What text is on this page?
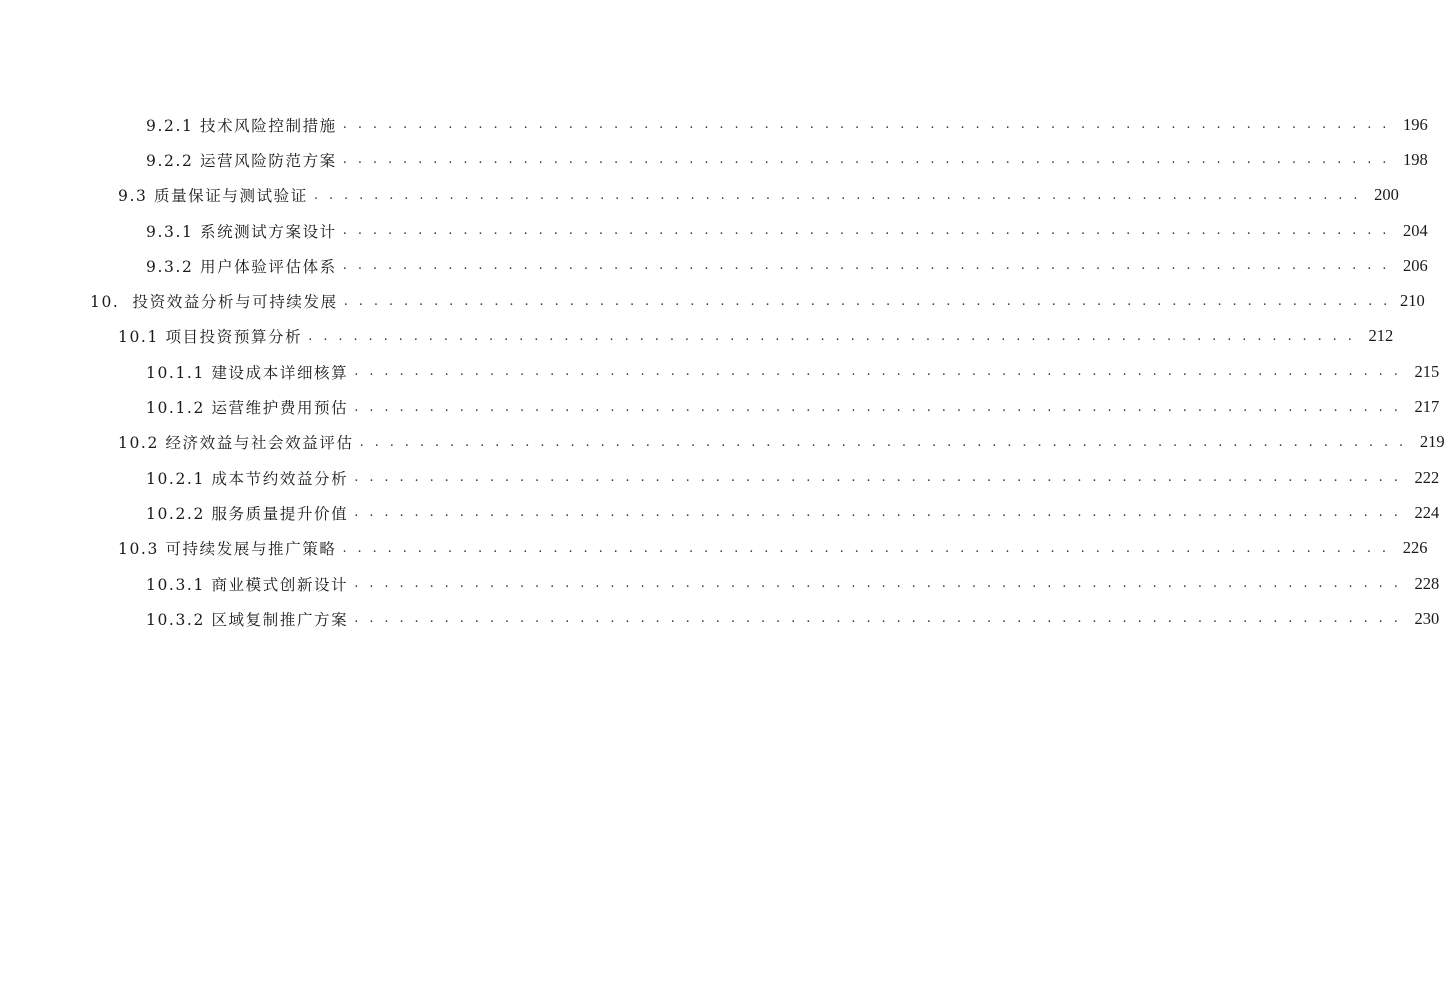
9.2.1 技术风险控制措施 . . . . . . . . . . . . . . . . . . . . . . . . . . . . . . . . . . . . . . . . . . . . . . . . . . . . . . . . . . . . . . . . . . . . . . 196
9.2.2 运营风险防范方案 . . . . . . . . . . . . . . . . . . . . . . . . . . . . . . . . . . . . . . . . . . . . . . . . . . . . . . . . . . . . . . . . . . . . . . 198
9.3 质量保证与测试验证 . . . . . . . . . . . . . . . . . . . . . . . . . . . . . . . . . . . . . . . . . . . . . . . . . . . . . . . . . . . . . . . . . . . . . . 200
9.3.1 系统测试方案设计 . . . . . . . . . . . . . . . . . . . . . . . . . . . . . . . . . . . . . . . . . . . . . . . . . . . . . . . . . . . . . . . . . . . . . . 204
9.3.2 用户体验评估体系 . . . . . . . . . . . . . . . . . . . . . . . . . . . . . . . . . . . . . . . . . . . . . . . . . . . . . . . . . . . . . . . . . . . . . . 206
10. 投资效益分析与可持续发展 . . . . . . . . . . . . . . . . . . . . . . . . . . . . . . . . . . . . . . . . . . . . . . . . . . . . . . . . . . . . . . . . . . . . . . 210
10.1 项目投资预算分析 . . . . . . . . . . . . . . . . . . . . . . . . . . . . . . . . . . . . . . . . . . . . . . . . . . . . . . . . . . . . . . . . . . . . . . 212
10.1.1 建设成本详细核算 . . . . . . . . . . . . . . . . . . . . . . . . . . . . . . . . . . . . . . . . . . . . . . . . . . . . . . . . . . . . . . . . . . . . . . 215
10.1.2 运营维护费用预估 . . . . . . . . . . . . . . . . . . . . . . . . . . . . . . . . . . . . . . . . . . . . . . . . . . . . . . . . . . . . . . . . . . . . . . 217
10.2 经济效益与社会效益评估 . . . . . . . . . . . . . . . . . . . . . . . . . . . . . . . . . . . . . . . . . . . . . . . . . . . . . . . . . . . . . . . . . . . . . . 219
10.2.1 成本节约效益分析 . . . . . . . . . . . . . . . . . . . . . . . . . . . . . . . . . . . . . . . . . . . . . . . . . . . . . . . . . . . . . . . . . . . . . . 222
10.2.2 服务质量提升价值 . . . . . . . . . . . . . . . . . . . . . . . . . . . . . . . . . . . . . . . . . . . . . . . . . . . . . . . . . . . . . . . . . . . . . . 224
10.3 可持续发展与推广策略 . . . . . . . . . . . . . . . . . . . . . . . . . . . . . . . . . . . . . . . . . . . . . . . . . . . . . . . . . . . . . . . . . . . . . . 226
10.3.1 商业模式创新设计 . . . . . . . . . . . . . . . . . . . . . . . . . . . . . . . . . . . . . . . . . . . . . . . . . . . . . . . . . . . . . . . . . . . . . . 228
10.3.2 区域复制推广方案 . . . . . . . . . . . . . . . . . . . . . . . . . . . . . . . . . . . . . . . . . . . . . . . . . . . . . . . . . . . . . . . . . . . . . . 230
